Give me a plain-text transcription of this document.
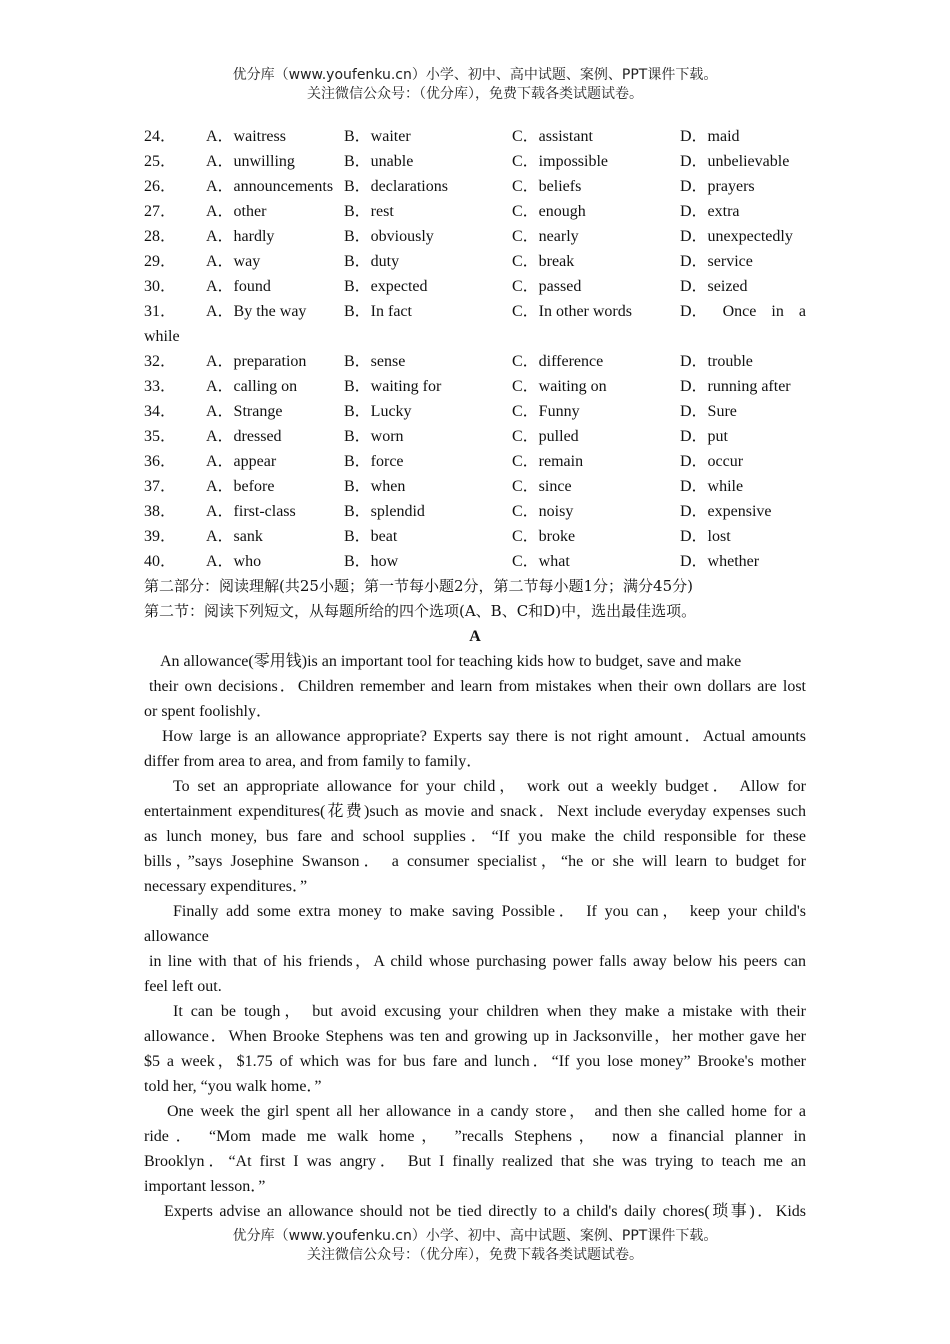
优分库（www.youfenku.cn）小学、初中、高中试题、案例、PPT课件下载。
关注微信公众号：（优分库），免费下载各类试题试卷。
24． A．waitress	B．waiter	C．assistant	D．maid
25． A．unwilling	B．unable	C．impossible	D．unbelievable
26． A．announcements B．declarations	C．beliefs	D．prayers
27． A．other	B．rest	C．enough	D．extra
28． A．hardly	B．obviously	C．nearly	D．unexpectedly
29． A．way	B．duty	C．break	D．service
30． A．found	B．expected	C．passed	D．seized
31． A．By the way B．In fact	C．In other words	D． Once in a
while
32． A．preparation B．sense	C．difference	D．trouble
33． A．calling on	B．waiting for	C．waiting on	D．running after
34． A．Strange	B．Lucky	C．Funny	D．Sure
35． A．dressed	B．worn	C．pulled	D．put
36． A．appear	B．force	C．remain	D．occur
37． A．before	B．when	C．since	D．while
38． A．first-class	B．splendid	C．noisy	D．expensive
39． A．sank	B．beat	C．broke	D．lost
40． A．who	B．how	C．what	D．whether
第二部分：阅读理解(共25小题；第一节每小题2分，第二节每小题1分；满分45分)
第二节：阅读下列短文，从每题所给的四个选项(A、B、C和D)中，选出最佳选项。
A
An allowance(零用钱)is an important tool for teaching kids how to budget, save and make
their own decisions．Children remember and learn from mistakes when their own dollars are lost
or spent foolishly．
How large is an allowance appropriate? Experts say there is not right amount．Actual amounts
differ from area to area, and from family to family．
To set an appropriate allowance for your child， work out a weekly budget． Allow for
entertainment expenditures(花费)such as movie and snack．Next include everyday expenses such
as lunch money, bus fare and school supplies．“If you make the child responsible for these
bills，”says Josephine Swanson． a consumer specialist，“he or she will learn to budget for
necessary expenditures．”
Finally add some extra money to make saving Possible． If you can， keep your child's
allowance
in line with that of his friends，A child whose purchasing power falls away below his peers can
feel left out.
It can be tough， but avoid excusing your children when they make a mistake with their
allowance．When Brooke Stephens was ten and growing up in Jacksonville，her mother gave her
$5 a week，$1.75 of which was for bus fare and lunch．“If you lose money” Brooke's mother
told her, “you walk home．”
One week the girl spent all her allowance in a candy store， and then she called home for a
ride． “Mom made me walk home， ”recalls Stephens， now a financial planner in
Brooklyn．“At first I was angry． But I finally realized that she was trying to teach me an
important lesson．”
Experts advise an allowance should not be tied directly to a child's daily chores(琐事)．Kids
优分库（www.youfenku.cn）小学、初中、高中试题、案例、PPT课件下载。
关注微信公众号：（优分库），免费下载各类试题试卷。
